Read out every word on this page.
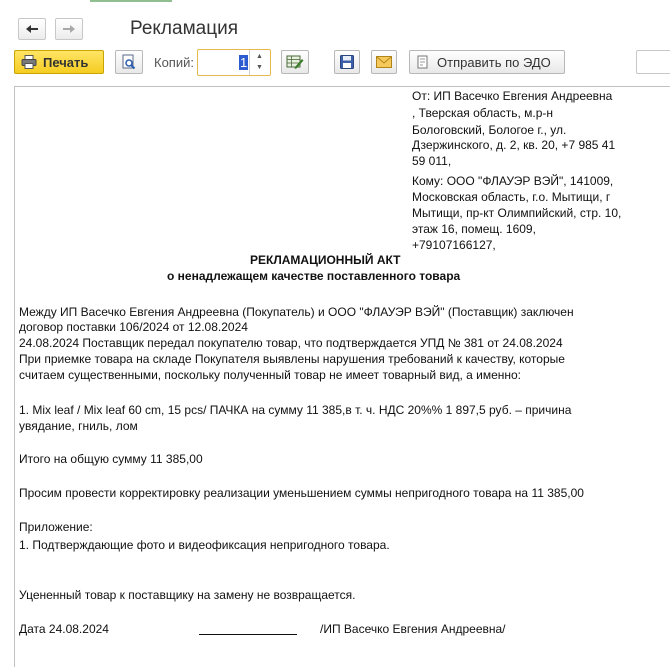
Рекламация
Печать	Копий:	1 ▲
▼	Отправить по ЭДО
От: ИП Васечко Евгения Андреевна
, Тверская область, м.р-н
Бологовский, Бологое г., ул.
Дзержинского, д. 2, кв. 20, +7 985 41
59 011,
Кому: ООО "ФЛАУЭР ВЭЙ", 141009,
Московская область, г.о. Мытищи, г
Мытищи, пр-кт Олимпийский, стр. 10,
этаж 16, помещ. 1609,
+79107166127,
РЕКЛАМАЦИОННЫЙ АКТ
о ненадлежащем качестве поставленного товара
Между ИП Васечко Евгения Андреевна (Покупатель) и ООО "ФЛАУЭР ВЭЙ" (Поставщик) заключен
договор поставки 106/2024 от 12.08.2024
24.08.2024 Поставщик передал покупателю товар, что подтверждается УПД № 381 от 24.08.2024
При приемке товара на складе Покупателя выявлены нарушения требований к качеству, которые
считаем существенными, поскольку полученный товар не имеет товарный вид, а именно:
1. Mix leaf / Mix leaf 60 cm, 15 pcs/ ПАЧКА на сумму 11 385,в т. ч. НДС 20%% 1 897,5 руб. – причина
увядание, гниль, лом
Итого на общую сумму 11 385,00
Просим провести корректировку реализации уменьшением суммы непригодного товара на 11 385,00
Приложение:
1. Подтверждающие фото и видеофиксация непригодного товара.
Уцененный товар к поставщику на замену не возвращается.
Дата 24.08.2024	/ИП Васечко Евгения Андреевна/
